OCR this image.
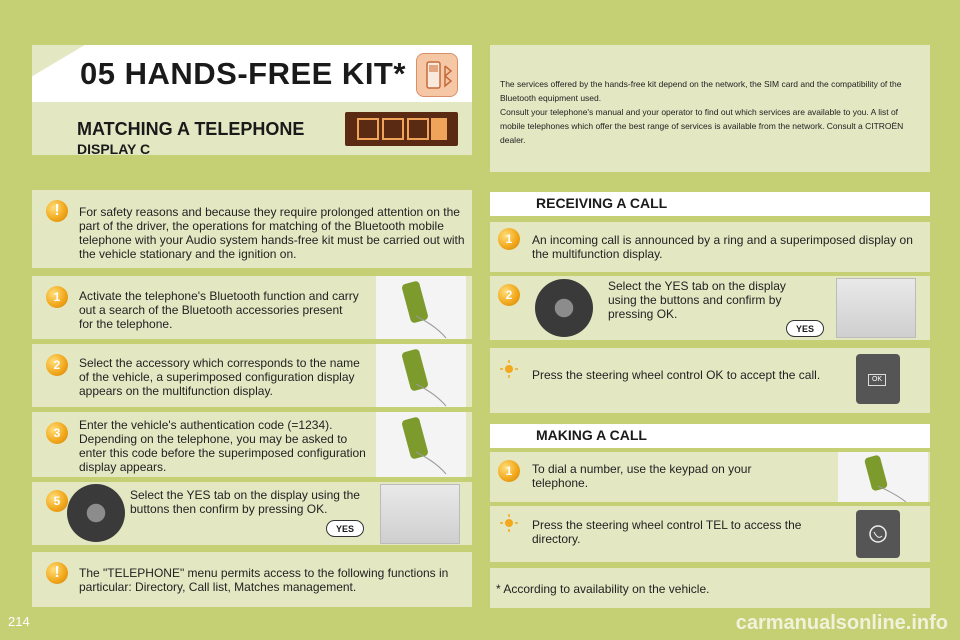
05 HANDS-FREE KIT*
MATCHING A TELEPHONE
DISPLAY C
The services offered by the hands-free kit depend on the network, the SIM card and the compatibility of the Bluetooth equipment used.
Consult your telephone's manual and your operator to find out which services are available to you. A list of mobile telephones which offer the best range of services is available from the network. Consult a CITROËN dealer.
!	For safety reasons and because they require prolonged attention on the part of the driver, the operations for matching of the Bluetooth mobile telephone with your Audio system hands-free kit must be carried out with the vehicle stationary and the ignition on.
1	Activate the telephone's Bluetooth function and carry out a search of the Bluetooth accessories present for the telephone.
2	Select the accessory which corresponds to the name of the vehicle, a superimposed configuration display appears on the multifunction display.
3
Enter the vehicle's authentication code (=1234). Depending on the telephone, you may be asked to enter this code before the superimposed configuration display appears.
5	Select the YES tab on the display using the buttons then confirm by pressing OK.
YES
!	The "TELEPHONE" menu permits access to the following functions in particular: Directory, Call list, Matches management.
RECEIVING A CALL
1	An incoming call is announced by a ring and a superimposed display on the multifunction display.
2
Select the YES tab on the display using the buttons and confirm by pressing OK.
YES
Press the steering wheel control OK to accept the call.	OK
MAKING A CALL
1	To dial a number, use the keypad on your telephone.
Press the steering wheel control TEL to access the directory.
* According to availability on the vehicle.
214	carmanualsonline.info
